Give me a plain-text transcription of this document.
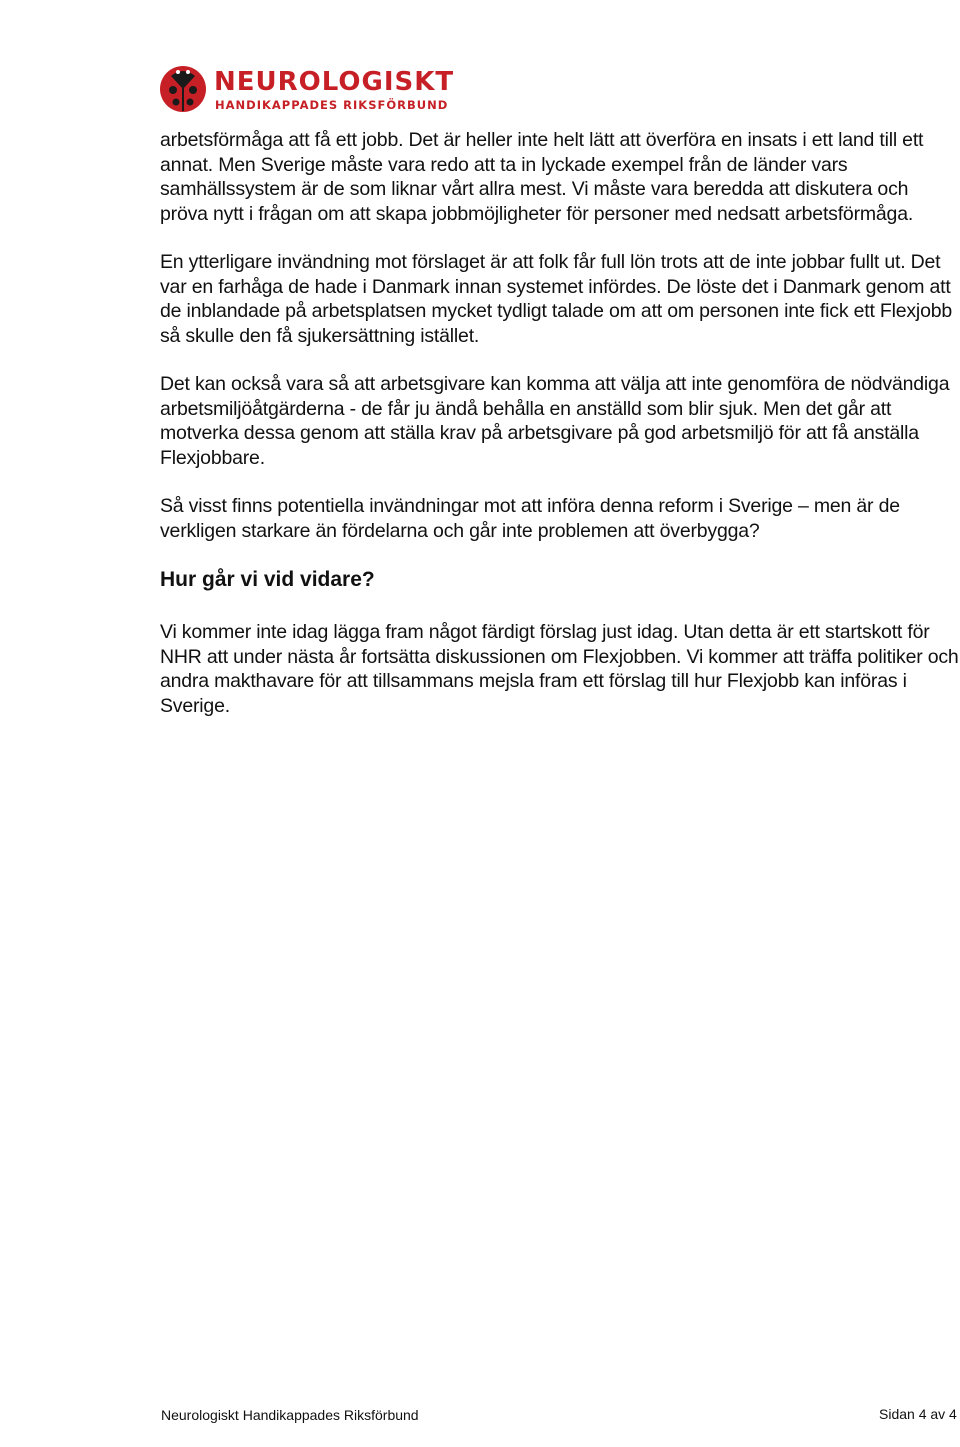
NEUROLOGISKT
HANDIKAPPADES RIKSFÖRBUND

arbetsförmåga att få ett jobb. Det är heller inte helt lätt att överföra en insats i ett land till ett annat. Men Sverige måste vara redo att ta in lyckade exempel från de länder vars samhällssystem är de som liknar vårt allra mest. Vi måste vara beredda att diskutera och pröva nytt i frågan om att skapa jobbmöjligheter för personer med nedsatt arbetsförmåga.

En ytterligare invändning mot förslaget är att folk får full lön trots att de inte jobbar fullt ut. Det var en farhåga de hade i Danmark innan systemet infördes. De löste det i Danmark genom att de inblandade på arbetsplatsen mycket tydligt talade om att om personen inte fick ett Flexjobb så skulle den få sjukersättning istället.

Det kan också vara så att arbetsgivare kan komma att välja att inte genomföra de nödvändiga arbetsmiljöåtgärderna - de får ju ändå behålla en anställd som blir sjuk. Men det går att motverka dessa genom att ställa krav på arbetsgivare på god arbetsmiljö för att få anställa Flexjobbare.

Så visst finns potentiella invändningar mot att införa denna reform i Sverige – men är de verkligen starkare än fördelarna och går inte problemen att överbygga?

Hur går vi vid vidare?

Vi kommer inte idag lägga fram något färdigt förslag just idag. Utan detta är ett startskott för NHR att under nästa år fortsätta diskussionen om Flexjobben. Vi kommer att träffa politiker och andra makthavare för att tillsammans mejsla fram ett förslag till hur Flexjobb kan införas i Sverige.

Neurologiskt Handikappades Riksförbund	Sidan 4 av 4
